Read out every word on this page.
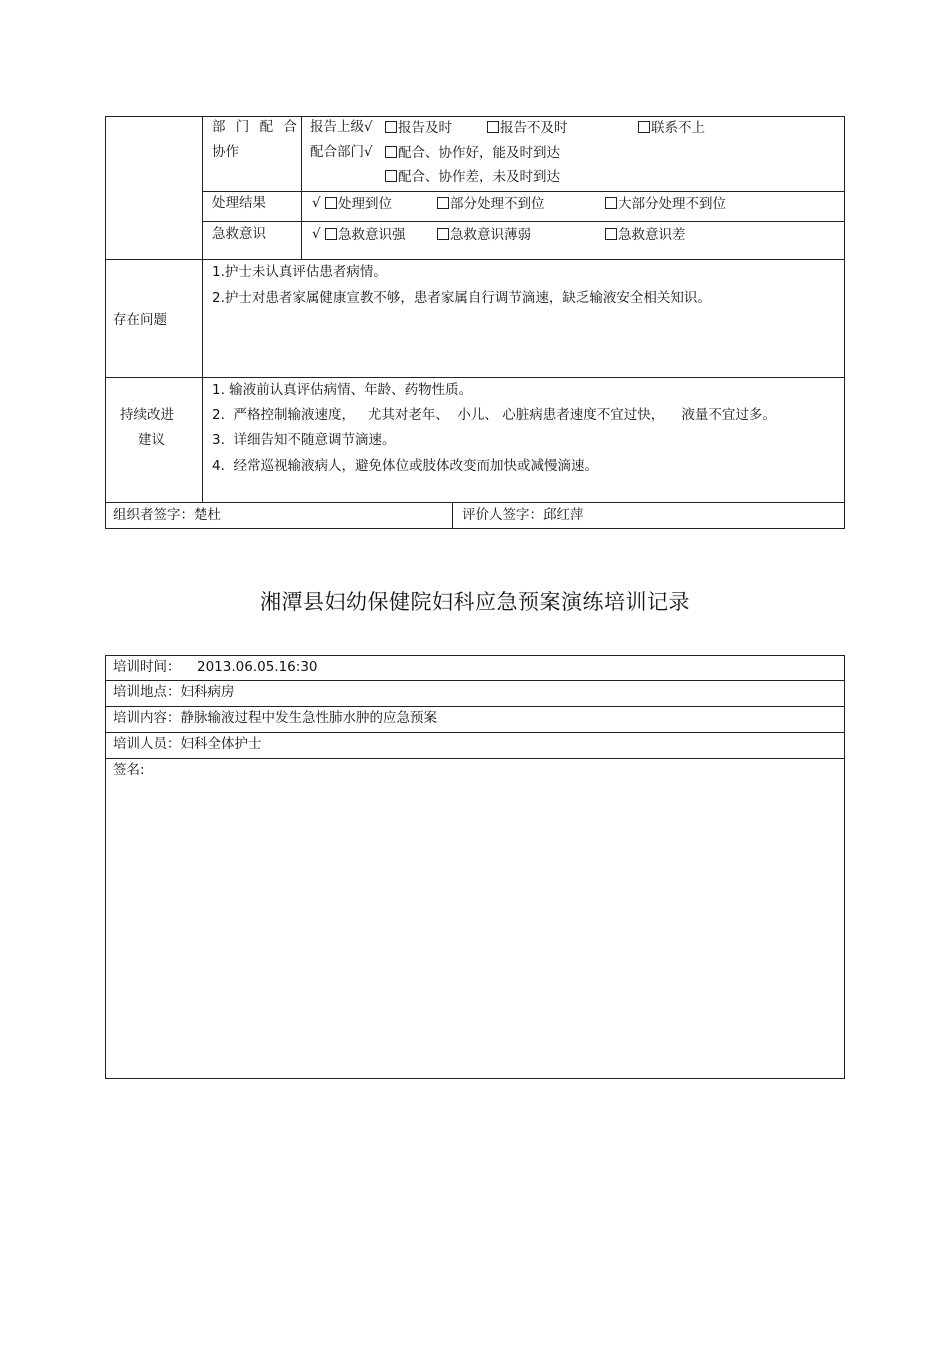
部 门 配 合
协作
报告上级√	报告及时	报告不及时	联系不上
配合部门√	配合、协作好，能及时到达
配合、协作差，未及时到达
处理结果	√	处理到位	部分处理不到位	大部分处理不到位
急救意识	√	急救意识强	急救意识薄弱	急救意识差
存在问题
1.护士未认真评估患者病情。
2.护士对患者家属健康宣教不够，患者家属自行调节滴速，缺乏输液安全相关知识。
持续改进
建议
1. 输液前认真评估病情、年龄、药物性质。
2.  严格控制输液速度，   尤其对老年、  小儿、 心脏病患者速度不宜过快，    液量不宜过多。
3.  详细告知不随意调节滴速。
4.  经常巡视输液病人，避免体位或肢体改变而加快或减慢滴速。
组织者签字：楚杜	评价人签字：邱红萍
湘潭县妇幼保健院妇科应急预案演练培训记录
培训时间： 2013.06.05.16:30
培训地点：妇科病房
培训内容：静脉输液过程中发生急性肺水肿的应急预案
培训人员：妇科全体护士
签名:
